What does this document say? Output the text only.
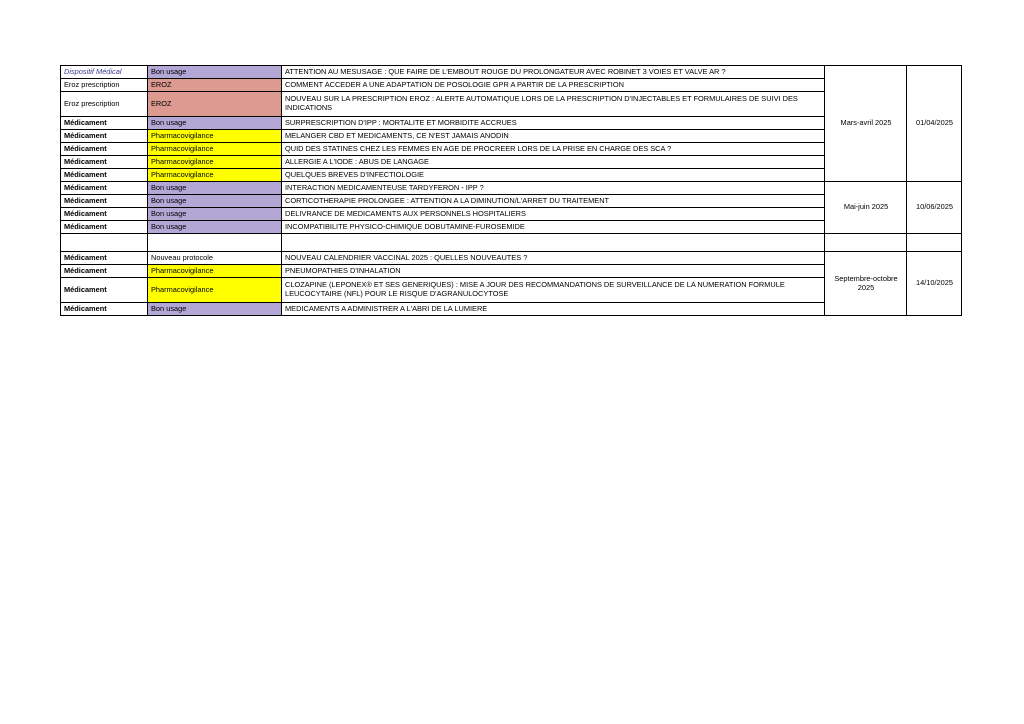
Dispositif Médical	Bon usage	ATTENTION AU MESUSAGE : QUE FAIRE DE L'EMBOUT ROUGE DU PROLONGATEUR AVEC ROBINET 3 VOIES ET VALVE AR ?	Mars-avril 2025	01/04/2025
Eroz prescription	EROZ	COMMENT ACCEDER A UNE ADAPTATION DE POSOLOGIE GPR A PARTIR DE LA PRESCRIPTION		
Eroz prescription	EROZ	NOUVEAU SUR LA PRESCRIPTION EROZ : ALERTE AUTOMATIQUE LORS DE LA PRESCRIPTION D'INJECTABLES ET FORMULAIRES DE SUIVI DES INDICATIONS		
Médicament	Bon usage	SURPRESCRIPTION D'IPP : MORTALITE ET MORBIDITE ACCRUES		
Médicament	Pharmacovigilance	MELANGER CBD ET MEDICAMENTS, CE N'EST JAMAIS ANODIN		
Médicament	Pharmacovigilance	QUID DES STATINES CHEZ LES FEMMES EN AGE DE PROCREER LORS DE LA PRISE EN CHARGE DES SCA ?		
Médicament	Pharmacovigilance	ALLERGIE A L'IODE : ABUS DE LANGAGE		
Médicament	Pharmacovigilance	QUELQUES BREVES D'INFECTIOLOGIE		
Médicament	Bon usage	INTERACTION MEDICAMENTEUSE TARDYFERON - IPP ?	Mai-juin 2025	10/06/2025
Médicament	Bon usage	CORTICOTHERAPIE PROLONGEE : ATTENTION A LA DIMINUTION/L'ARRET DU TRAITEMENT		
Médicament	Bon usage	DELIVRANCE DE MEDICAMENTS AUX PERSONNELS HOSPITALIERS		
Médicament	Bon usage	INCOMPATIBILITE PHYSICO-CHIMIQUE DOBUTAMINE-FUROSEMIDE		

Médicament	Nouveau protocole	NOUVEAU CALENDRIER VACCINAL 2025 : QUELLES NOUVEAUTES ?	Septembre-octobre 2025	14/10/2025
Médicament	Pharmacovigilance	PNEUMOPATHIES D'INHALATION		
Médicament	Pharmacovigilance	CLOZAPINE (LEPONEX® ET SES GENERIQUES) : MISE A JOUR DES RECOMMANDATIONS DE SURVEILLANCE DE LA NUMERATION FORMULE LEUCOCYTAIRE (NFL) POUR LE RISQUE D'AGRANULOCYTOSE		
Médicament	Bon usage	MEDICAMENTS A ADMINISTRER A L'ABRI DE LA LUMIERE		
